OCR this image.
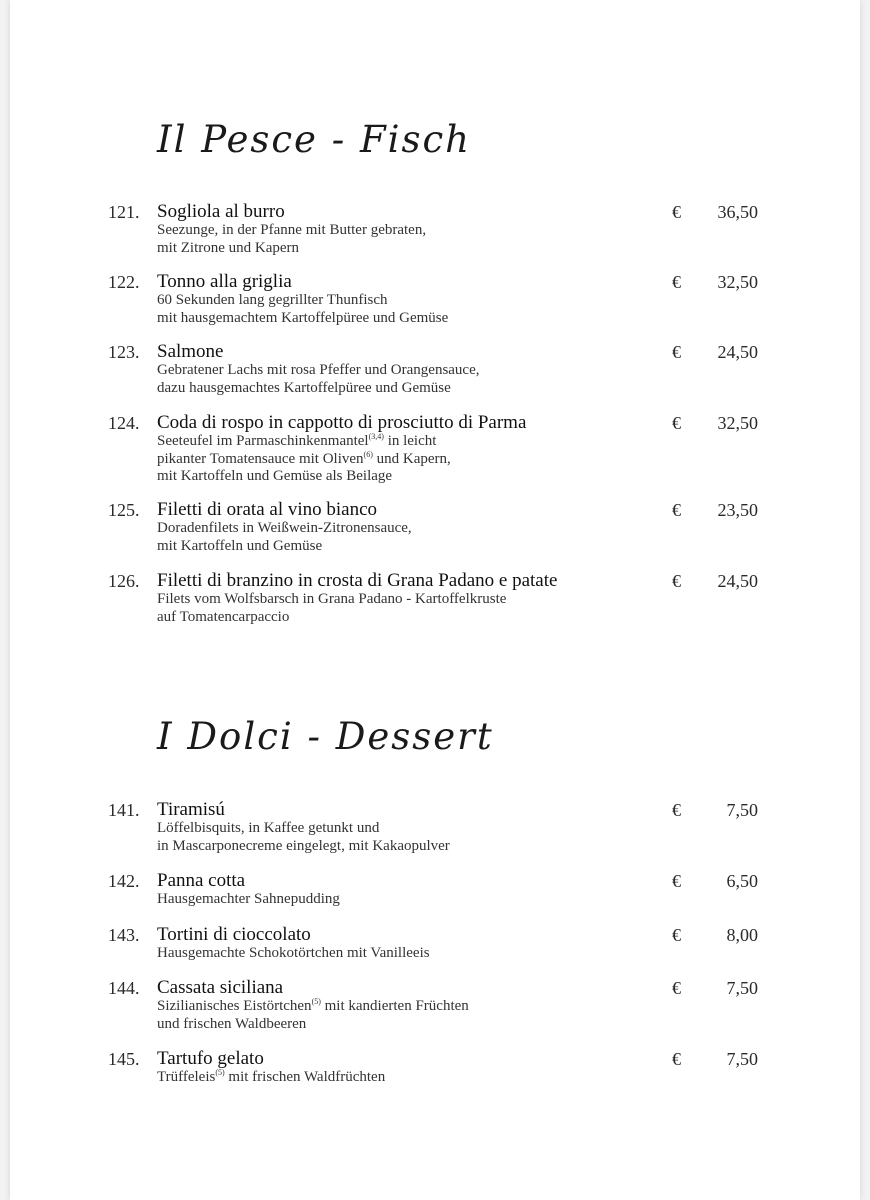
Il Pesce - Fisch
121. Sogliola al burro
Seezunge, in der Pfanne mit Butter gebraten,
mit Zitrone und Kapern
€ 36,50
122. Tonno alla griglia
60 Sekunden lang gegrillter Thunfisch
mit hausgemachtem Kartoffelpüree und Gemüse
€ 32,50
123. Salmone
Gebratener Lachs mit rosa Pfeffer und Orangensauce,
dazu hausgemachtes Kartoffelpüree und Gemüse
€ 24,50
124. Coda di rospo in cappotto di prosciutto di Parma
Seeteufel im Parmaschinkenmantel$^{(3,4)}$ in leicht
pikanter Tomatensauce mit Oliven$^{(6)}$ und Kapern,
mit Kartoffeln und Gemüse als Beilage
€ 32,50
125. Filetti di orata al vino bianco
Doradenfilets in Weißwein-Zitronensauce,
mit Kartoffeln und Gemüse
€ 23,50
126. Filetti di branzino in crosta di Grana Padano e patate
Filets vom Wolfsbarsch in Grana Padano - Kartoffelkruste
auf Tomatencarpaccio
€ 24,50
I Dolci - Dessert
141. Tiramisú
Löffelbisquits, in Kaffee getunkt und
in Mascarponecreme eingelegt, mit Kakaopulver
€	7,50
142. Panna cotta
Hausgemachter Sahnepudding
€	6,50
143. Tortini di cioccolato
Hausgemachte Schokotörtchen mit Vanilleeis
€	8,00
144. Cassata siciliana
Sizilianisches Eistörtchen$^{(5)}$ mit kandierten Früchten
und frischen Waldbeeren
€	7,50
145. Tartufo gelato
Trüffeleis$^{(5)}$ mit frischen Waldfrüchten
€	7,50
